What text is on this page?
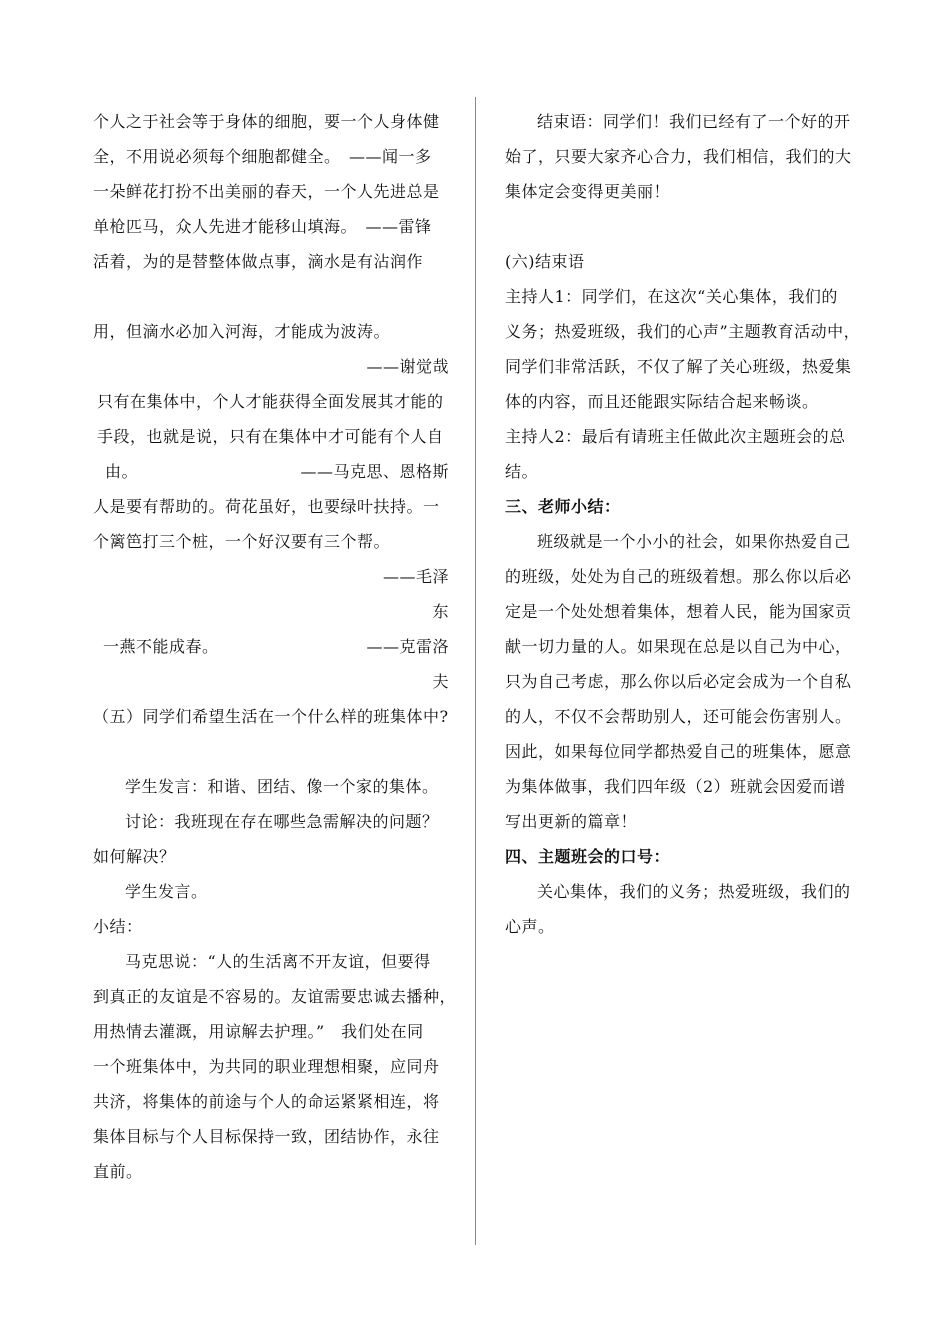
个人之于社会等于身体的细胞，要一个人身体健
全，不用说必须每个细胞都健全。　——闻一多
一朵鲜花打扮不出美丽的春天，一个人先进总是
单枪匹马，众人先进才能移山填海。　——雷锋
活着，为的是替整体做点事，滴水是有沾润作
用，但滴水必加入河海，才能成为波涛。
——谢觉哉
只有在集体中，个人才能获得全面发展其才能的
手段，也就是说，只有在集体中才可能有个人自
由。	——马克思、恩格斯
人是要有帮助的。荷花虽好，也要绿叶扶持。一
个篱笆打三个桩，一个好汉要有三个帮。
——毛泽
东
一燕不能成春。	——克雷洛
夫
（五）同学们希望生活在一个什么样的班集体中?
学生发言：和谐、团结、像一个家的集体。
讨论：我班现在存在哪些急需解决的问题？
如何解决？
学生发言。
小结：
马克思说：“人的生活离不开友谊，但要得
到真正的友谊是不容易的。友谊需要忠诚去播种，
用热情去灌溉，用谅解去护理。”　我们处在同
一个班集体中，为共同的职业理想相聚，应同舟
共济，将集体的前途与个人的命运紧紧相连，将
集体目标与个人目标保持一致，团结协作，永往
直前。
结束语：同学们！我们已经有了一个好的开
始了，只要大家齐心合力，我们相信，我们的大
集体定会变得更美丽！
(六)结束语
主持人1：同学们，在这次“关心集体，我们的
义务；热爱班级，我们的心声”主题教育活动中，
同学们非常活跃，不仅了解了关心班级，热爱集
体的内容，而且还能跟实际结合起来畅谈。
主持人2：最后有请班主任做此次主题班会的总
结。
三、老师小结：
班级就是一个小小的社会，如果你热爱自己
的班级，处处为自己的班级着想。那么你以后必
定是一个处处想着集体，想着人民，能为国家贡
献一切力量的人。如果现在总是以自己为中心，
只为自己考虑，那么你以后必定会成为一个自私
的人，不仅不会帮助别人，还可能会伤害别人。
因此，如果每位同学都热爱自己的班集体，愿意
为集体做事，我们四年级（2）班就会因爱而谱
写出更新的篇章！
四、主题班会的口号：
关心集体，我们的义务；热爱班级，我们的
心声。
